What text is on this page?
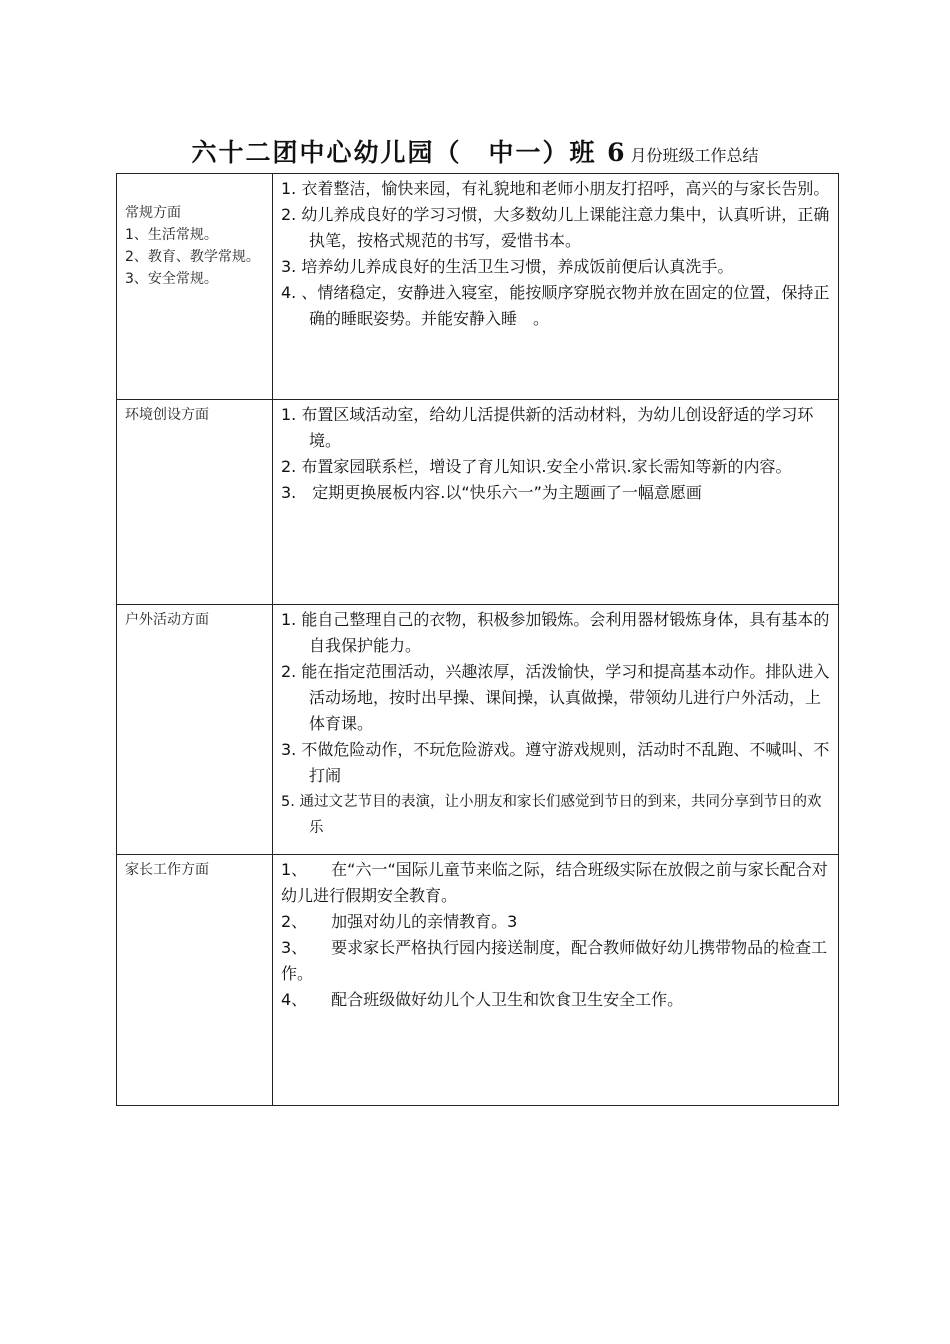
六十二团中心幼儿园（　中一）班 6 月份班级工作总结
常规方面
1、生活常规。
2、教育、教学常规。
3、安全常规。	1. 衣着整洁，愉快来园，有礼貌地和老师小朋友打招呼，高兴的与家长告别。
2. 幼儿养成良好的学习习惯，大多数幼儿上课能注意力集中，认真听讲，正确执笔，按格式规范的书写，爱惜书本。
3. 培养幼儿养成良好的生活卫生习惯，养成饭前便后认真洗手。
4. 、情绪稳定，安静进入寝室，能按顺序穿脱衣物并放在固定的位置，保持正确的睡眠姿势。并能安静入睡　。

环境创设方面	1. 布置区域活动室，给幼儿活提供新的活动材料，为幼儿创设舒适的学习环境。
2. 布置家园联系栏，增设了育儿知识.安全小常识.家长需知等新的内容。
3.　定期更换展板内容.以“快乐六一”为主题画了一幅意愿画

户外活动方面	1. 能自己整理自己的衣物，积极参加锻炼。会利用器材锻炼身体，具有基本的自我保护能力。
2. 能在指定范围活动，兴趣浓厚，活泼愉快，学习和提高基本动作。排队进入活动场地，按时出早操、课间操，认真做操，带领幼儿进行户外活动，上体育课。
3. 不做危险动作，不玩危险游戏。遵守游戏规则，活动时不乱跑、不喊叫、不打闹
5. 通过文艺节目的表演，让小朋友和家长们感觉到节日的到来，共同分享到节日的欢乐

家长工作方面	1、　　在“六一“国际儿童节来临之际，结合班级实际在放假之前与家长配合对幼儿进行假期安全教育。
2、　　加强对幼儿的亲情教育。3
3、　　要求家长严格执行园内接送制度，配合教师做好幼儿携带物品的检查工作。
4、　　配合班级做好幼儿个人卫生和饮食卫生安全工作。
